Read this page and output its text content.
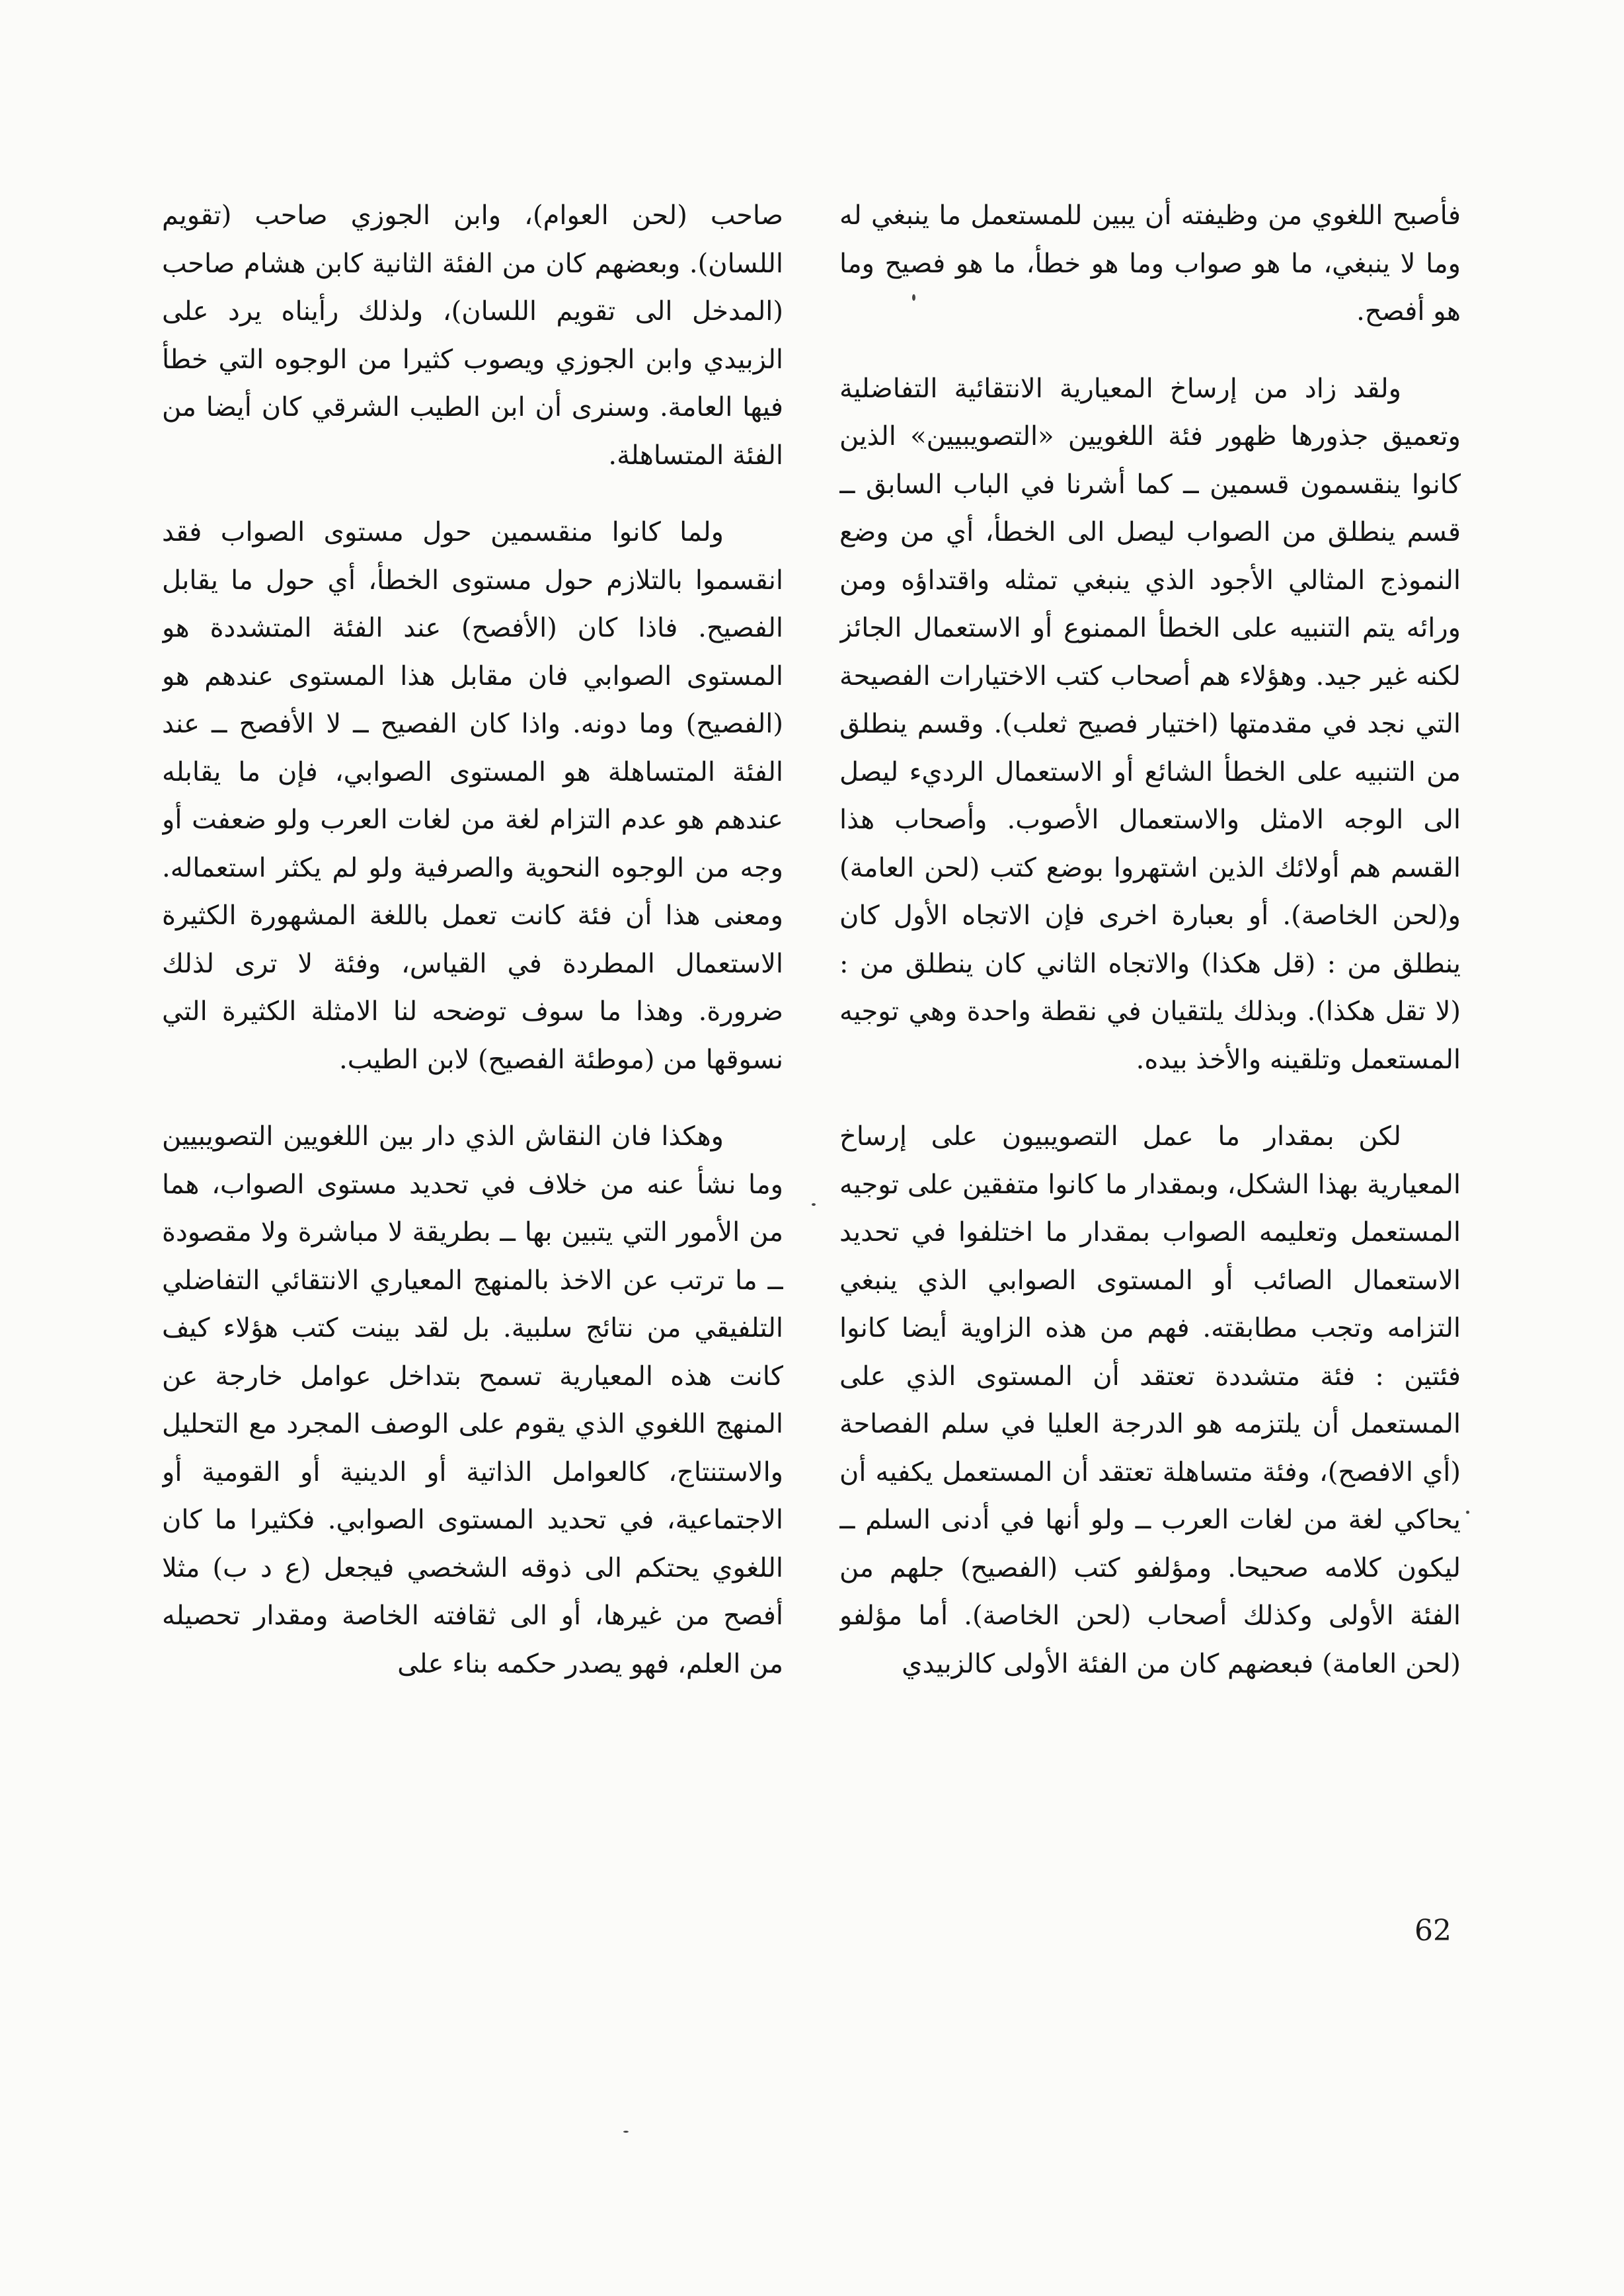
فأصبح اللغوي من وظيفته أن يبين للمستعمل ما ينبغي له وما لا ينبغي، ما هو صواب وما هو خطأ، ما هو فصيح وما هو أفصح.

ولقد زاد من إرساخ المعيارية الانتقائية التفاضلية وتعميق جذورها ظهور فئة اللغويين «التصويبيين» الذين كانوا ينقسمون قسمين ــ كما أشرنا في الباب السابق ــ قسم ينطلق من الصواب ليصل الى الخطأ، أي من وضع النموذج المثالي الأجود الذي ينبغي تمثله واقتداؤه ومن ورائه يتم التنبيه على الخطأ الممنوع أو الاستعمال الجائز لكنه غير جيد. وهؤلاء هم أصحاب كتب الاختيارات الفصيحة التي نجد في مقدمتها (اختيار فصيح ثعلب). وقسم ينطلق من التنبيه على الخطأ الشائع أو الاستعمال الرديء ليصل الى الوجه الامثل والاستعمال الأصوب. وأصحاب هذا القسم هم أولائك الذين اشتهروا بوضع كتب (لحن العامة) و(لحن الخاصة). أو بعبارة اخرى فإن الاتجاه الأول كان ينطلق من : (قل هكذا) والاتجاه الثاني كان ينطلق من : (لا تقل هكذا). وبذلك يلتقيان في نقطة واحدة وهي توجيه المستعمل وتلقينه والأخذ بيده.

لكن بمقدار ما عمل التصويبيون على إرساخ المعيارية بهذا الشكل، وبمقدار ما كانوا متفقين على توجيه المستعمل وتعليمه الصواب بمقدار ما اختلفوا في تحديد الاستعمال الصائب أو المستوى الصوابي الذي ينبغي التزامه وتجب مطابقته. فهم من هذه الزاوية أيضا كانوا فئتين : فئة متشددة تعتقد أن المستوى الذي على المستعمل أن يلتزمه هو الدرجة العليا في سلم الفصاحة (أي الافصح)، وفئة متساهلة تعتقد أن المستعمل يكفيه أن يحاكي لغة من لغات العرب ــ ولو أنها في أدنى السلم ــ ليكون كلامه صحيحا. ومؤلفو كتب (الفصيح) جلهم من الفئة الأولى وكذلك أصحاب (لحن الخاصة). أما مؤلفو (لحن العامة) فبعضهم كان من الفئة الأولى كالزبيدي

صاحب (لحن العوام)، وابن الجوزي صاحب (تقويم اللسان). وبعضهم كان من الفئة الثانية كابن هشام صاحب (المدخل الى تقويم اللسان)، ولذلك رأيناه يرد على الزبيدي وابن الجوزي ويصوب كثيرا من الوجوه التي خطأ فيها العامة. وسنرى أن ابن الطيب الشرقي كان أيضا من الفئة المتساهلة.

ولما كانوا منقسمين حول مستوى الصواب فقد انقسموا بالتلازم حول مستوى الخطأ، أي حول ما يقابل الفصيح. فاذا كان (الأفصح) عند الفئة المتشددة هو المستوى الصوابي فان مقابل هذا المستوى عندهم هو (الفصيح) وما دونه. واذا كان الفصيح ــ لا الأفصح ــ عند الفئة المتساهلة هو المستوى الصوابي، فإن ما يقابله عندهم هو عدم التزام لغة من لغات العرب ولو ضعفت أو وجه من الوجوه النحوية والصرفية ولو لم يكثر استعماله. ومعنى هذا أن فئة كانت تعمل باللغة المشهورة الكثيرة الاستعمال المطردة في القياس، وفئة لا ترى لذلك ضرورة. وهذا ما سوف توضحه لنا الامثلة الكثيرة التي نسوقها من (موطئة الفصيح) لابن الطيب.

وهكذا فان النقاش الذي دار بين اللغويين التصويبيين وما نشأ عنه من خلاف في تحديد مستوى الصواب، هما من الأمور التي يتبين بها ــ بطريقة لا مباشرة ولا مقصودة ــ ما ترتب عن الاخذ بالمنهج المعياري الانتقائي التفاضلي التلفيقي من نتائج سلبية. بل لقد بينت كتب هؤلاء كيف كانت هذه المعيارية تسمح بتداخل عوامل خارجة عن المنهج اللغوي الذي يقوم على الوصف المجرد مع التحليل والاستنتاج، كالعوامل الذاتية أو الدينية أو القومية أو الاجتماعية، في تحديد المستوى الصوابي. فكثيرا ما كان اللغوي يحتكم الى ذوقه الشخصي فيجعل (ع د ب) مثلا أفصح من غيرها، أو الى ثقافته الخاصة ومقدار تحصيله من العلم، فهو يصدر حكمه بناء على

62
